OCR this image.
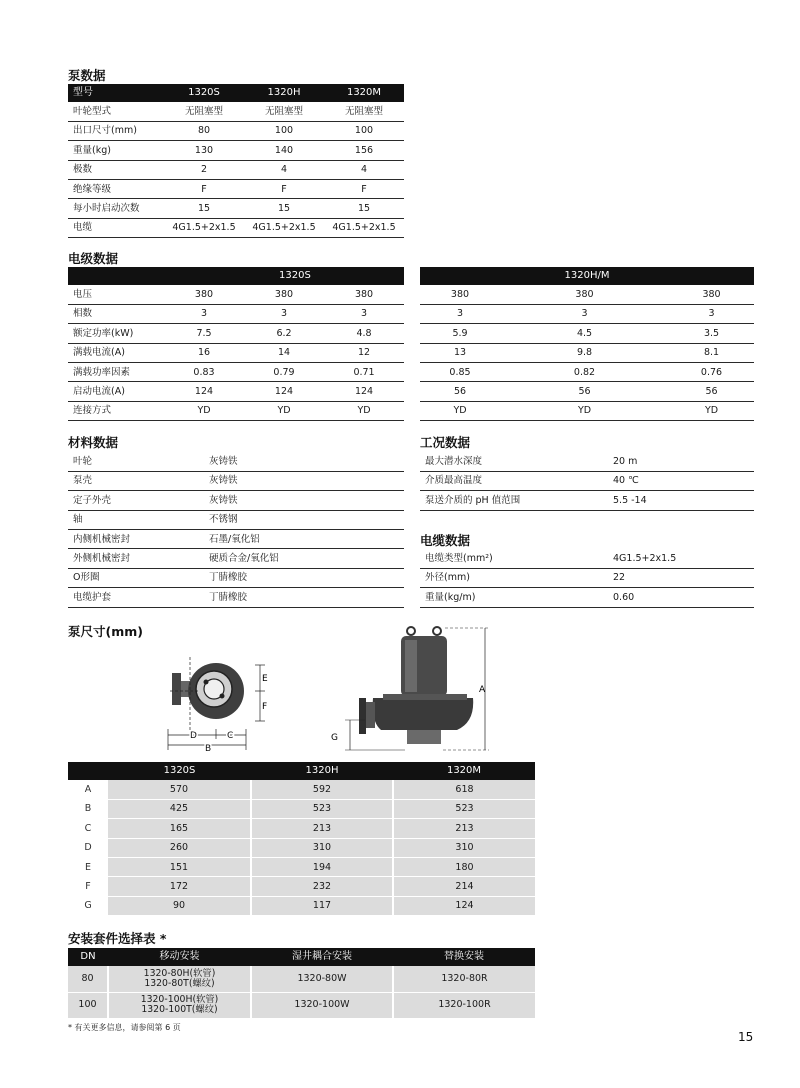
泵数据
型号	1320S	1320H	1320M
叶轮型式	无阻塞型	无阻塞型	无阻塞型
出口尺寸(mm)	80	100	100
重量(kg)	130	140	156
极数	2	4	4
绝缘等级	F	F	F
每小时启动次数	15	15	15
电缆	4G1.5+2x1.5	4G1.5+2x1.5	4G1.5+2x1.5
电级数据
	1320S		
电压	380	380	380
相数	3	3	3
额定功率(kW)	7.5	6.2	4.8
满载电流(A)	16	14	12
满载功率因素	0.83	0.79	0.71
启动电流(A)	124	124	124
连接方式	YD	YD	YD
1320H/M		
380	380	380
3	3	3
5.9	4.5	3.5
13	9.8	8.1
0.85	0.82	0.76
56	56	56
YD	YD	YD
材料数据
叶轮	灰铸铁
泵壳	灰铸铁
定子外壳	灰铸铁
轴	不锈钢
内侧机械密封	石墨/氧化铝
外侧机械密封	硬质合金/氧化铝
O形圈	丁腈橡胶
电缆护套	丁腈橡胶
工况数据
最大潜水深度	20 m
介质最高温度	40 ℃
泵送介质的 pH 值范围	5.5 -14
电缆数据
电缆类型(mm²)	4G1.5+2x1.5
外径(mm)	22
重量(kg/m)	0.60
泵尺寸(mm)
E
F
D	C
B
A
G
	1320S	1320H	1320M
A	570	592	618
B	425	523	523
C	165	213	213
D	260	310	310
E	151	194	180
F	172	232	214
G	90	117	124
安装套件选择表 *
DN	移动安装	湿井耦合安装	替换安装
80	1320-80H(软管)
1320-80T(螺纹)	1320-80W	1320-80R
100	1320-100H(软管)
1320-100T(螺纹)	1320-100W	1320-100R
* 有关更多信息，请参阅第 6 页
15
